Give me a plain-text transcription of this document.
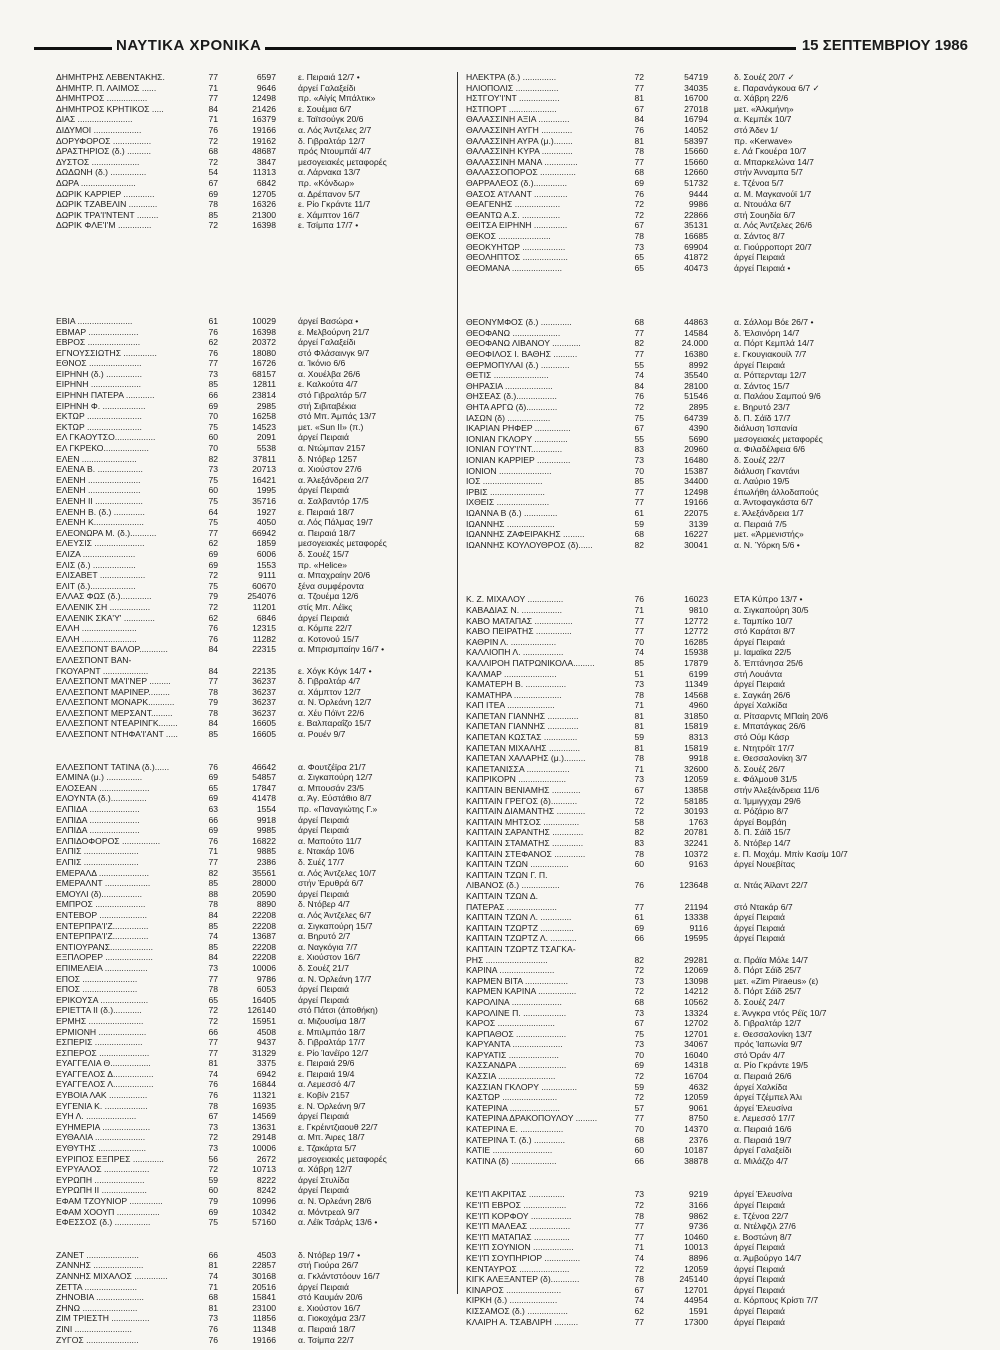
ΝΑΥΤΙΚΑ ΧΡΟΝΙΚΑ	15 ΣΕΠΤΕΜΒΡΙΟΥ 1986
ΔΗΜΗΤΡΗΣ ΛΕΒΕΝΤΑΚΗΣ.	77	6597	ε. Πειραιά 12/7 •
ΔΗΜΗΤΡ. Π. ΛΑΙΜΟΣ ......	71	9646	άργεί Γαλαξείδι
ΔΗΜΗΤΡΟΣ .................	77	12498	πρ. «Αίγίς Μπάλτικ»
ΔΗΜΗΤΡΟΣ ΚΡΗΤΙΚΟΣ .....	84	21426	ε. Σουέμια 6/7
ΔΙΑΣ .......................	71	16379	ε. Ταϊτσούγκ 20/6
ΔΙΔΥΜΟΙ ....................	76	19166	α. Λός Άντζελες 2/7
ΔΟΡΥΦΟΡΟΣ ................	72	19162	δ. Γιβραλτάρ 12/7
ΔΡΑΣΤΗΡΙΟΣ (δ.) ..........	68	48687	πρός Ντουμπάϊ 4/7
ΔΥΣΤΟΣ ....................	72	3847	μεσογειακές μεταφορές
ΔΩΔΩΝΗ (δ.) ...............	54	11313	α. Λάρνακα 13/7
ΔΩΡΑ .......................	67	6842	πρ. «Κόνδωρ»
ΔΩΡΙΚ ΚΑΡΡΙΕΡ .............	69	12705	α. Δρέπανον 5/7
ΔΩΡΙΚ ΤΖΑΒΕΛΙΝ ............	78	16326	ε. Ρίο Γκράντε 11/7
ΔΩΡΙΚ ΤΡΑ'Ι'ΝΤΕΝΤ .........	85	21300	ε. Χάμπτον 16/7
ΔΩΡΙΚ ΦΛΕ'Ι'Μ ..............	72	16398	ε. Τσίμπα 17/7 •
ΕΒΙΑ .......................	61	10029	άργεί Βασώρα •
ΕΒΜΑΡ .....................	76	16398	ε. Μελβούρνη 21/7
ΕΒΡΟΣ ......................	62	20372	άργεί Γαλαξείδι
ΕΓΝΟΥΣΣΙΩΤΗΣ ..............	76	18080	στό Φλάσαινγκ 9/7
ΕΘΝΟΣ ......................	77	16726	α. Ίκόνιο 6/6
ΕΙΡΗΝΗ (δ.) ...............	73	68157	α. Χουέλβα 26/6
ΕΙΡΗΝΗ .....................	85	12811	ε. Καλκούτα 4/7
ΕΙΡΗΝΗ ΠΑΤΕΡΑ ............	66	23814	στό Γιβραλτάρ 5/7
ΕΙΡΗΝΗ Φ. ..................	69	2985	στή Σιβιταβέκια
ΕΚΤΩΡ .......................	70	16258	στό Μπ. Άμπάς 13/7
ΕΚΤΩΡ .......................	75	14523	μετ. «Sun II» (π.)
ΕΛ ΓΚΑΟΥΤΣΟ.................	60	2091	άργεί Πειραιά
ΕΛ ΓΚΡΕΚΟ...................	70	5538	α. Ντώμπαν 2157
ΕΛΕΝ .......................	82	37811	δ. Ντόβερ 1257
ΕΛΕΝΑ Β. ...................	73	20713	α. Χιούστον 27/6
ΕΛΕΝΗ ......................	75	16421	α. Άλεξάνδρεια 2/7
ΕΛΕΝΗ ......................	60	1995	άργεί Πειραιά
ΕΛΕΝΗ ΙΙ ....................	75	35716	α. Σαλβαντόρ 17/5
ΕΛΕΝΗ Β. (δ.) .............	64	1927	ε. Πειραιά 18/7
ΕΛΕΝΗ Κ.....................	75	4050	α. Λός Πάλμας 19/7
ΕΛΕΟΝΩΡΑ Μ. (δ.)...........	77	66942	α. Πειραιά 18/7
ΕΛΕΥΣΙΣ .....................	62	1859	μεσογειακές μεταφορές
ΕΛΙΖΑ ......................	69	6006	δ. Σουέζ 15/7
ΕΛΙΣ (δ.) ..................	69	1553	πρ. «Helice»
ΕΛΙΣΑΒΕΤ ...................	72	9111	α. Μπαχραίην 20/6
ΕΛΙΤ (δ.)...................	75	60670	ξένα συμφέροντα
ΕΛΛΑΣ ΦΩΣ (δ.).............	79	254076	α. Τζουέμα 12/6
ΕΛΛΕΝΙΚ ΣΗ .................	72	11201	στίς Μπ. Λέϊκς
ΕΛΛΕΝΙΚ ΣΚΑ'Υ' .............	62	6846	άργεί Πειραιά
ΕΛΛΗ .......................	76	12315	α. Κόμπε 22/7
ΕΛΛΗ .......................	76	11282	α. Κοτονού 15/7
ΕΛΛΕΣΠΟΝΤ ΒΑΛΟΡ............	84	22315	α. Μπρισμπαίην 16/7 •
ΕΛΛΕΣΠΟΝΤ ΒΑΝ-
ΓΚΟΥΑΡΝΤ ...................	84	22135	ε. Χόγκ Κόγκ 14/7 •
ΕΛΛΕΣΠΟΝΤ ΜΑ'Ι'ΝΕΡ .........	77	36237	δ. Γιβραλτάρ 4/7
ΕΛΛΕΣΠΟΝΤ ΜΑΡΙΝΕΡ.........	78	36237	α. Χάμπτον 12/7
ΕΛΛΕΣΠΟΝΤ ΜΟΝΑΡΚ...........	79	36237	α. Ν. Όρλεάνη 12/7
ΕΛΛΕΣΠΟΝΤ ΜΕΡΣΑΝΤ.........	78	36237	α. Χέυ Πόϊντ 22/6
ΕΛΛΕΣΠΟΝΤ ΝΤΕΑΡΙΝΓΚ........	84	16605	ε. Βαλπαραΐζο 15/7
ΕΛΛΕΣΠΟΝΤ ΝΤΗΦΑ'Ι'ΑΝΤ .....	85	16605	α. Ρουέν 9/7
ΕΛΛΕΣΠΟΝΤ ΤΑΤΙΝΑ (δ.)......	76	46642	α. Φουτζέϊρα 21/7
ΕΛΜΙΝΑ (μ.) ...............	69	54857	α. Σιγκαπούρη 12/7
ΕΛΟΣΕΑΝ .....................	65	17847	α. Μπουσάν 23/5
ΕΛΟΥΝΤΑ (δ.)...............	69	41478	α. Άγ. Εύστάθιο 8/7
ΕΛΠΙΔΑ .....................	63	1554	πρ. «Παναγιώτης Γ.»
ΕΛΠΙΔΑ .....................	66	9918	άργεί Πειραιά
ΕΛΠΙΔΑ .....................	69	9985	άργεί Πειραιά
ΕΛΠΙΔΟΦΟΡΟΣ ................	76	16822	α. Μαπούτο 11/7
ΕΛΠΙΣ .......................	71	9885	ε. Ντακάρ 10/6
ΕΛΠΙΣ .......................	77	2386	δ. Σuέζ 17/7
ΕΜΕΡΑΛΔ .....................	82	35561	α. Λός Άντζελες 10/7
ΕΜΕΡΑΛΝΤ ...................	85	28000	στήν Έρυθρά 6/7
ΕΜΟΥΛΙ (δ).................	88	20590	άργεί Πειραιά
ΕΜΠΡΟΣ .....................	78	8890	δ. Ντόβερ 4/7
ΕΝΤΕΒΟΡ ....................	84	22208	α. Λός Άντζελες 6/7
ΕΝΤΕΡΠΡΑ'Ι'Ζ...............	85	22208	α. Σιγκαπούρη 15/7
ΕΝΤΕΡΠΡΑ'Ι'Ζ...............	74	13687	α. Βηρυτό 2/7
ΕΝΤΙΟΥΡΑΝΣ..................	85	22208	α. Ναγκόγια 7/7
ΕΞΠΛΟΡΕΡ ....................	84	22208	ε. Χιούστον 16/7
ΕΠΙΜΕΛΕΙΑ ..................	73	10006	δ. Σουέζ 21/7
ΕΠΟΣ .......................	77	9786	α. Ν. Όρλεάνη 17/7
ΕΠΟΣ .......................	78	6053	άργεί Πειραιά
ΕΡΙΚΟΥΣΑ ....................	65	16405	άργεί Πειραιά
ΕΡΙΕΤΤΑ ΙΙ (δ.)............	72	126140	στό Πάτσι (άποθήκη)
ΕΡΜΗΣ .......................	72	15951	α. Μιζουσίμα 18/7
ΕΡΜΙΟΝΗ ....................	66	4508	ε. Μπιλμπάο 18/7
ΕΣΠΕΡΙΣ ....................	77	9437	δ. Γιβραλτάρ 17/7
ΕΣΠΕΡΟΣ .....................	77	31329	ε. Ρίο Ίανέϊρο 12/7
ΕΥΑΓΓΕΛΙΑ Θ.................	81	3375	ε. Πειραιά 29/6
ΕΥΑΓΓΕΛΟΣ Δ.................	74	6942	ε. Πειραιά 19/4
ΕΥΑΓΓΕΛΟΣ Λ.................	76	16844	α. Λεμεσσό 4/7
ΕΥΒΟΙΑ ΛΑΚ ................	76	11321	ε. Κοβίν 2157
ΕΥΓΕΝΙΑ Κ. ..................	78	16935	ε. Ν. Όρλεάνη 9/7
ΕΥΗ Λ. .....................	67	14569	άργεί Πειραιά
ΕΥΗΜΕΡΙΑ ....................	73	13631	ε. Γκρέιντζιαουθ 22/7
ΕΥΘΑΛΙΑ .....................	72	29148	α. Μπ. Άιρες 18/7
ΕΥΘΥΤΗΣ ....................	73	10006	ε. Τζακάρτα 5/7
ΕΥΡΙΠΟΣ ΕΞΠΡΕΣ .............	56	2672	μεσογειακές μεταφορές
ΕΥΡΥΑΛΟΣ ...................	72	10713	α. Χάβρη 12/7
ΕΥΡΩΠΗ .....................	59	8222	άργεί Στυλίδα
ΕΥΡΩΠΗ ΙΙ ...................	60	8242	άργεί Πειραιά
ΕΦΑΜ ΤΖΟΥΝΙΟΡ ..............	79	10996	α. Ν. Όρλεάνη 28/6
ΕΦΑΜ ΧΟΟΥΠ ..................	69	10342	α. Μόντρεαλ 9/7
ΕΦΕΣΣΟΣ (δ.) ...............	75	57160	α. Λέϊκ Τσάρλς 13/6 •
ΖΑΝΕΤ ......................	66	4503	δ. Ντόβερ 19/7 •
ΖΑΝΝΗΣ .....................	81	22857	στή Γιούρα 26/7
ΖΑΝΝΗΣ ΜΙΧΑΛΟΣ ..............	74	30168	α. Γκλάντστόουν 16/7
ΖΕΤΤΑ ......................	71	20516	άργεί Πειραιά
ΖΗΝΟΒΙΑ ....................	68	15841	στό Καυμάν 20/6
ΖΗΝΩ .......................	81	23100	ε. Χιούστον 16/7
ΖΙΜ ΤΡΙΕΣΤΗ ................	73	11856	α. Γιοκοχάμα 23/7
ΖΙΝΙ ........................	76	11348	α. Πειραιά 18/7
ΖΥΓΟΣ ......................	76	19166	α. Τσίμπα 22/7
ΗΛΕΚΤΡΑ (δ.) ..............	72	54719	δ. Σουέζ 20/7 ✓
ΗΛΙΟΠΟΛΙΣ ..................	77	34035	ε. Παρανάγκουα 6/7 ✓
ΗΣΤΓΟΥ'Ι'ΝΤ .................	81	16700	α. Χάβρη 22/6
ΗΣΤΠΟΡΤ ....................	67	27018	μετ. «Άλκμήνη»
ΘΑΛΑΣΣΙΝΗ ΑΞΙΑ .............	84	16794	α. Κεμπέκ 10/7
ΘΑΛΑΣΣΙΝΗ ΑΥΓΗ .............	76	14052	στό Άδεν 1/
ΘΑΛΑΣΣΙΝΗ ΑΥΡΑ (μ.)........	81	58397	πρ. «Κerwave»
ΘΑΛΑΣΣΙΝΗ ΚΥΡΑ .............	78	15660	ε. Λά Γκουέρα 10/7
ΘΑΛΑΣΣΙΝΗ ΜΑΝΑ ..............	77	15660	α. Μπαρκελώνα 14/7
ΘΑΛΑΣΣΟΠΟΡΟΣ ...............	68	12660	στήν Άνναμπα 5/7
ΘΑΡΡΑΛΕΟΣ (δ.)..............	69	51732	ε. Τζένοα 5/7
ΘΑΣΟΣ Α'Ι'ΛΑΝΤ ..............	76	9444	α. Μ. Μαγκανούϊ 1/7
ΘΕΑΓΕΝΗΣ ...................	72	9986	α. Ντουάλα 6/7
ΘΕΑΝΤΩ Α.Σ. ................	72	22866	στή Σουηδία 6/7
ΘΕΙΤΣΑ ΕΙΡΗΝΗ ..............	67	35131	α. Λός Άντζελες 26/6
ΘΕΚΟΣ ......................	78	16685	α. Σάντος 8/7
ΘΕΟΚΥΗΤΩΡ ..................	73	69904	α. Γιούρροπορτ 20/7
ΘΕΟΛΗΠΤΟΣ ...................	65	41872	άργεί Πειραιά
ΘΕΟΜΑΝΑ .....................	65	40473	άργεί Πειραιά •
ΘΕΟΝΥΜΦΟΣ (δ.) .............	68	44863	α. Σάλλομ Βόε 26/7 •
ΘΕΟΦΑΝΩ ....................	77	14584	δ. Έλσινόρη 14/7
ΘΕΟΦΑΝΩ ΛΙΒΑΝΟΥ ............	82	24.000	α. Πόρτ Κεμπλά 14/7
ΘΕΟΦΙΛΟΣ Ι. ΒΑΘΗΣ ..........	77	16380	ε. Γκουγιακουίλ 7/7
ΘΕΡΜΟΠΥΛΑΙ (δ.) ............	55	8992	άργεί Πειραιά
ΘΕΤΙΣ .......................	74	35540	α. Ρόττερνταμ 12/7
ΘΗΡΑΣΙΑ ....................	84	28100	α. Σάντος 15/7
ΘΗΣΕΑΣ (δ.).................	76	51546	α. Παλάου Σαμπού 9/6
ΘΗΤΑ ΑΡΓΩ (δ).............	72	2895	ε. Βηρυτό 23/7
ΙΑΣΩΝ (δ) ..................	75	64739	δ. Π. Σάϊδ 17/7
ΙΚΑΡΙΑΝ ΡΗΦΕΡ ...............	67	4390	διάλυση Ίσπανία
ΙΟΝΙΑΝ ΓΚΛΟΡΥ ..............	55	5690	μεσογειακές μεταφορές
ΙΟΝΙΑΝ ΓΟΥ'Ι'ΝΤ.............	83	20960	α. Φιλαδέλφεια 6/6
ΙΟΝΙΑΝ ΚΑΡΡΙΕΡ ..............	73	16480	δ. Σουέζ 22/7
ΙΟΝΙΟΝ ......................	70	15387	διάλυση Γκαντάνι
ΙΟΣ .........................	85	34400	α. Λαύριο 19/5
ΙΡΒΙΣ .......................	77	12498	έπωλήθη άλλοδαπούς
ΙΧΘΕΙΣ ......................	77	19166	α. Άντοφαγκάστα 6/7
ΙΩΑΝΝΑ Β (δ.) ..............	61	22075	ε. Άλεξάνδρεια 1/7
ΙΩΑΝΝΗΣ ....................	59	3139	α. Πειραιά 7/5
ΙΩΑΝΝΗΣ ΖΑΦΕΙΡΑΚΗΣ .........	68	16227	μετ. «Άρμενιστής»
ΙΩΑΝΝΗΣ ΚΟΥΛΟΥΘΡΟΣ (δ)......	82	30041	α. Ν. Ύόρκη 5/6 •
Κ. Ζ. ΜΙΧΑΛΟΥ ...............	76	16023	ΕΤΑ Κύπρο 13/7 •
ΚΑΒΑΔΙΑΣ Ν. .................	71	9810	α. Σιγκαπούρη 30/5
ΚΑΒΟ ΜΑΤΑΠΑΣ ................	77	12772	ε. Ταμπίκο 10/7
ΚΑΒΟ ΠΕΙΡΑΤΗΣ ...............	77	12772	στό Καράτσι 8/7
ΚΑΘΡΙΝ Λ. ...................	70	16285	άργεί Πειραιά
ΚΑΛΛΙΟΠΗ Λ. .................	74	15938	μ. Ιαμαϊκα 22/5
ΚΑΛΛΙΡΟΗ ΠΑΤΡΩΝΙΚΟΛΑ.........	85	17879	δ. Έπτάνησα 25/6
ΚΑΛΜΑΡ ......................	51	6199	στή Λουάντα
ΚΑΜΑΤΕΡΗ Β. .................	73	11349	άργεί Πειραιά
ΚΑΜΑΤΗΡΑ ....................	78	14568	ε. Σαγκάη 26/6
ΚΑΠ ΙΤΕΑ ....................	71	4960	άργεί Χαλκίδα
ΚΑΠΕΤΑΝ ΓΙΑΝΝΗΣ .............	81	31850	α. Ρίτσαρντς ΜΠαίη 20/6
ΚΑΠΕΤΑΝ ΓΙΑΝΝΗΣ .............	81	15819	ε. Μπατάγκας 26/6
ΚΑΠΕΤΑΝ ΚΩΣΤΑΣ ..............	59	8313	στό Ούμ Κάσρ
ΚΑΠΕΤΑΝ ΜΙΧΑΛΗΣ .............	81	15819	ε. Ντητρόϊτ 17/7
ΚΑΠΕΤΑΝ ΧΑΛΑΡΗΣ (μ.).........	78	9918	ε. Θεσσαλονίκη 3/7
ΚΑΠΕΤΑΝΙΣΣΑ ..................	71	32600	δ. Σουέζ 26/7
ΚΑΠΡΙΚΟΡΝ ....................	73	12059	ε. Φάλμουθ 31/5
ΚΑΠΤΑΙΝ ΒΕΝΙΑΜΗΣ ............	67	13858	στήν Άλεξάνδρεια 11/6
ΚΑΠΤΑΙΝ ΓΡΕΓΟΣ (δ)...........	72	58185	α. Ίμμιγγχαμ 29/6
ΚΑΠΤΑΙΝ ΔΙΑΜΑΝΤΗΣ ............	72	30193	α. Ρόζάριο 8/7
ΚΑΠΤΑΙΝ ΜΗΤΣΟΣ ...............	58	1763	άργεί Βομβάη
ΚΑΠΤΑΙΝ ΣΑΡΑΝΤΗΣ .............	82	20781	δ. Π. Σάϊδ 15/7
ΚΑΠΤΑΙΝ ΣΤΑΜΑΤΗΣ .............	83	32241	δ. Ντόβερ 14/7
ΚΑΠΤΑΙΝ ΣΤΕΦΑΝΟΣ .............	78	10372	ε. Π. Μοχάμ. Μπίν Κασίμ 10/7
ΚΑΠΤΑΙΝ ΤΖΩΝ ................	60	9163	άργεί Νουεβίτας
ΚΑΠΤΑΙΝ ΤΖΩΝ Γ. Π.
ΛΙΒΑΝΟΣ (δ.) ................	76	123648	α. Ντάς Άϊλαντ 22/7
ΚΑΠΤΑΙΝ ΤΖΩΝ Δ.
ΠΑΤΕΡΑΣ .....................	77	21194	στό Ντακάρ 6/7
ΚΑΠΤΑΙΝ ΤΖΩΝ Λ. .............	61	13338	άργεί Πειραιά
ΚΑΠΤΑΙΝ ΤΖΩΡΤΖ ..............	69	9116	άργεί Πειραιά
ΚΑΠΤΑΙΝ ΤΖΩΡΤΖ Λ. ...........	66	19595	άργεί Πειραιά
ΚΑΠΤΑΙΝ ΤΖΩΡΤΖ ΤΣΑΓΚΑ-
ΡΗΣ ..........................	82	29281	α. Πράϊα Μόλε 14/7
ΚΑΡΙΝΑ .......................	72	12069	δ. Πόρτ Σάϊδ 25/7
ΚΑΡΜΕΝ ΒΙΤΑ ..................	73	13098	μετ. «Zim Piraeus» (ε)
ΚΑΡΜΕΝ ΚΑΡΙΝΑ ................	72	14212	δ. Πόρτ Σάϊδ 25/7
ΚΑΡΟΛΙΝΑ .....................	68	10562	δ. Σουέζ 24/7
ΚΑΡΟΛΙΝΕ Π. ..................	73	13324	ε. Άνγκρα ντός Ρέϊς 10/7
ΚΑΡΟΣ ........................	67	12702	δ. Γιβραλτάρ 12/7
ΚΑΡΠΑΘΟΣ .....................	75	12701	ε. Θεσσαλονίκη 13/7
ΚΑΡΥΑΝΤΑ .....................	73	34067	πρός Ίαπωνία 9/7
ΚΑΡΥΑΤΙΣ .....................	70	16040	στό Όράν 4/7
ΚΑΣΣΑΝΔΡΑ ....................	69	14318	α. Ρίο Γκράντε 19/5
ΚΑΣΣΙΑ ........................	72	16704	α. Πειραιά 26/6
ΚΑΣΣΙΑΝ ΓΚΛΟΡΥ ...............	59	4632	άργεί Χαλκίδα
ΚΑΣΤΩΡ .......................	72	12059	άργεί Τζέμπελ Άλι
ΚΑΤΕΡΙΝΑ .....................	57	9061	άργεί Έλευσίνα
ΚΑΤΕΡΙΝΑ ΔΡΑΚΟΠΟΥΛΟΥ .........	77	8750	ε. Λεμεσσό 17/7
ΚΑΤΕΡΙΝΑ Ε. ..................	70	14370	α. Πειραιά 16/6
ΚΑΤΕΡΙΝΑ Τ. (δ.) .............	68	2376	α. Πειραιά 19/7
ΚΑΤΙΕ .........................	60	10187	άργεί Γαλαξείδι
ΚΑΤΙΝΑ (δ) ...................	66	38878	α. Μιλάζζο 4/7
ΚΕ'Ι'Π ΑΚΡΙΤΑΣ ...............	73	9219	άργεί Έλευσίνα
ΚΕ'Ι'Π ΕΒΡΟΣ ..................	72	3166	άργεί Πειραιά
ΚΕ'Ι'Π ΚΟΡΦΟΥ .................	78	9862	ε. Τζένοα 22/7
ΚΕ'Ι'Π ΜΑΛΕΑΣ .................	77	9736	α. Ντέλφζιλ 27/6
ΚΕ'Ι'Π ΜΑΤΑΠΑΣ ...............	77	10460	ε. Βοστώνη 8/7
ΚΕ'Ι'Π ΣΟΥΝΙΟΝ .................	71	10013	άργεί Πειραιά
ΚΕ'Ι'Π ΣΟΥΠΗΡΙΟΡ ...............	74	8896	α. Άμβούργο 14/7
ΚΕΝΤΑΥΡΟΣ .....................	72	12059	άργεί Πειραιά
ΚΙΓΚ ΑΛΕΞΑΝΤΕΡ (δ)............	78	245140	άργεί Πειραιά
ΚΙΝΑΡΟΣ .......................	67	12701	άργεί Πειραιά
ΚΙΡΚΗ (δ.) ....................	74	44954	α. Κόρπους Κρίστι 7/7
ΚΙΣΣΑΜΟΣ (δ.) .................	62	1591	άργεί Πειραιά
ΚΛΑΙΡΗ Α. ΤΣΑΒΛΙΡΗ ..........	77	17300	άργεί Πειραιά
